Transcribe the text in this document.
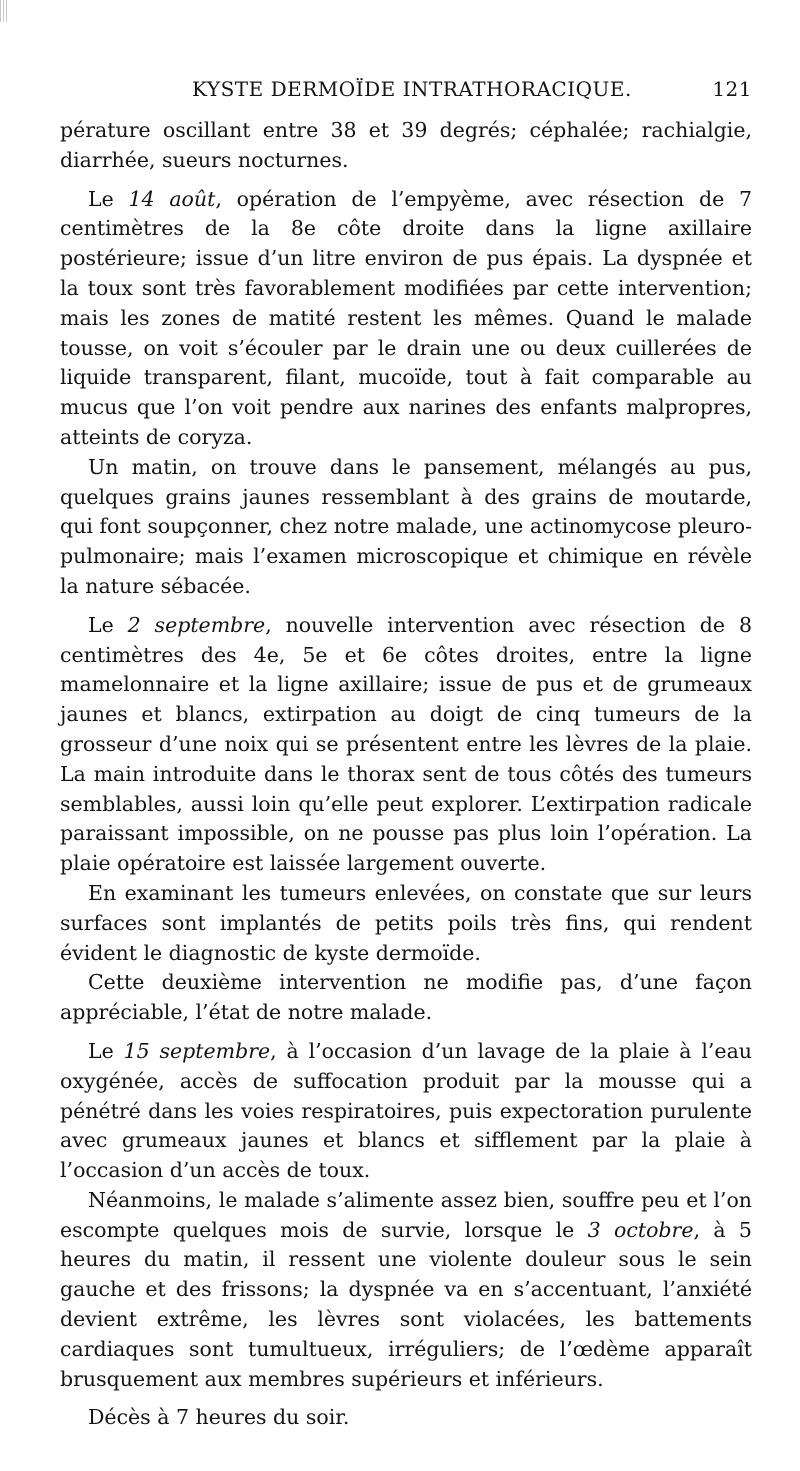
KYSTE DERMOÏDE INTRATHORACIQUE.	121

pérature oscillant entre 38 et 39 degrés; céphalée; rachialgie, diarrhée, sueurs nocturnes.

Le 14 août, opération de l’empyème, avec résection de 7 centimètres de la 8e côte droite dans la ligne axillaire postérieure; issue d’un litre environ de pus épais. La dyspnée et la toux sont très favorablement modifiées par cette intervention; mais les zones de matité restent les mêmes. Quand le malade tousse, on voit s’écouler par le drain une ou deux cuillerées de liquide transparent, filant, mucoïde, tout à fait comparable au mucus que l’on voit pendre aux narines des enfants malpropres, atteints de coryza.

Un matin, on trouve dans le pansement, mélangés au pus, quelques grains jaunes ressemblant à des grains de moutarde, qui font soupçonner, chez notre malade, une actinomycose pleuro-pulmonaire; mais l’examen microscopique et chimique en révèle la nature sébacée.

Le 2 septembre, nouvelle intervention avec résection de 8 centimètres des 4e, 5e et 6e côtes droites, entre la ligne mamelonnaire et la ligne axillaire; issue de pus et de grumeaux jaunes et blancs, extirpation au doigt de cinq tumeurs de la grosseur d’une noix qui se présentent entre les lèvres de la plaie. La main introduite dans le thorax sent de tous côtés des tumeurs semblables, aussi loin qu’elle peut explorer. L’extirpation radicale paraissant impossible, on ne pousse pas plus loin l’opération. La plaie opératoire est laissée largement ouverte.

En examinant les tumeurs enlevées, on constate que sur leurs surfaces sont implantés de petits poils très fins, qui rendent évident le diagnostic de kyste dermoïde.

Cette deuxième intervention ne modifie pas, d’une façon appréciable, l’état de notre malade.

Le 15 septembre, à l’occasion d’un lavage de la plaie à l’eau oxygénée, accès de suffocation produit par la mousse qui a pénétré dans les voies respiratoires, puis expectoration purulente avec grumeaux jaunes et blancs et sifflement par la plaie à l’occasion d’un accès de toux.

Néanmoins, le malade s’alimente assez bien, souffre peu et l’on escompte quelques mois de survie, lorsque le 3 octobre, à 5 heures du matin, il ressent une violente douleur sous le sein gauche et des frissons; la dyspnée va en s’accentuant, l’anxiété devient extrême, les lèvres sont violacées, les battements cardiaques sont tumultueux, irréguliers; de l’œdème apparaît brusquement aux membres supérieurs et inférieurs.

Décès à 7 heures du soir.
